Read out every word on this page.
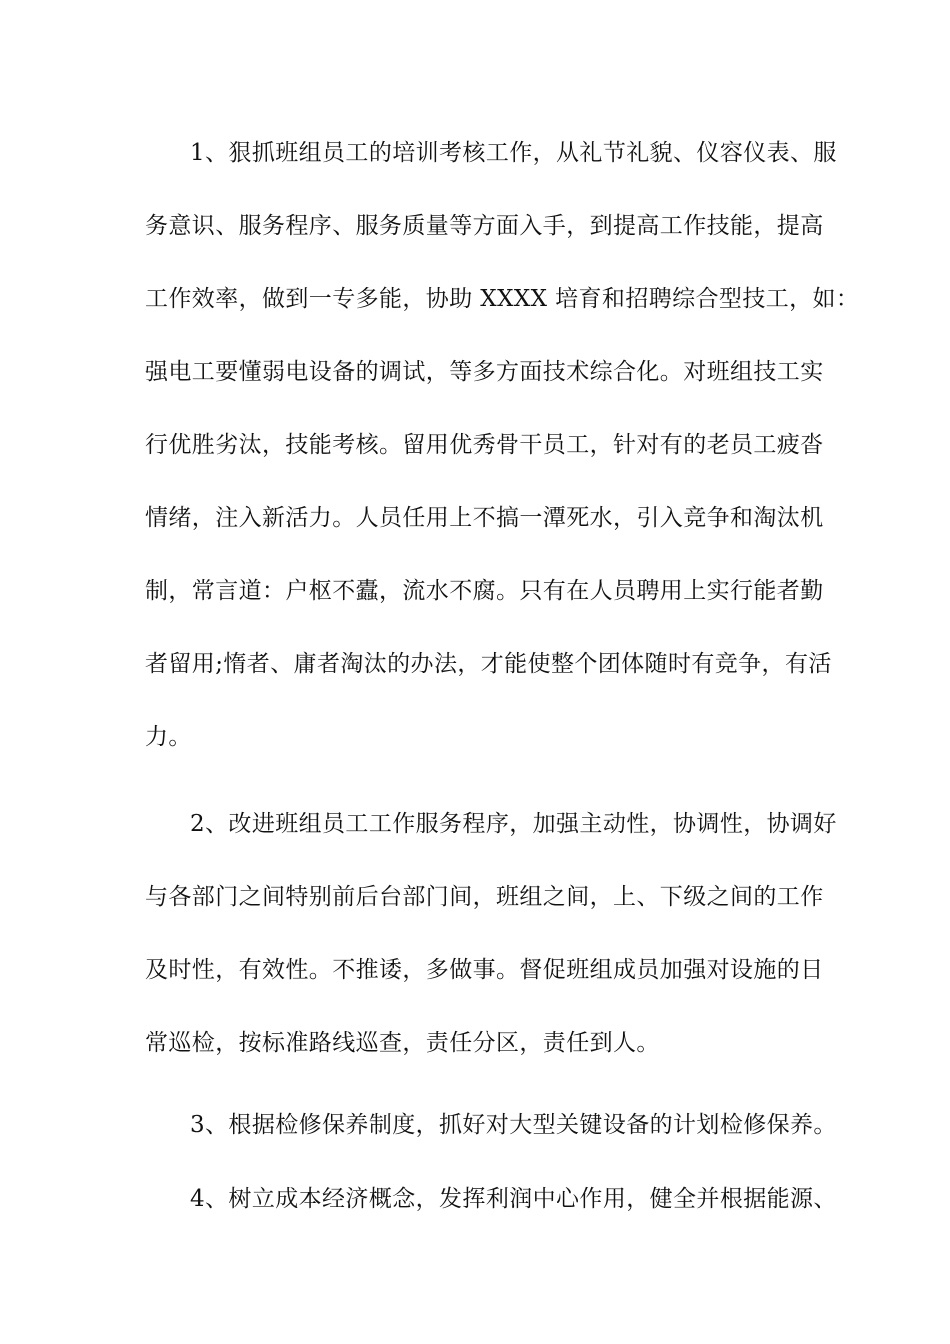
1、狠抓班组员工的培训考核工作，从礼节礼貌、仪容仪表、服
务意识、服务程序、服务质量等方面入手，到提高工作技能，提高
工作效率，做到一专多能，协助 XXXX 培育和招聘综合型技工，如：
强电工要懂弱电设备的调试，等多方面技术综合化。对班组技工实
行优胜劣汰，技能考核。留用优秀骨干员工，针对有的老员工疲沓
情绪，注入新活力。人员任用上不搞一潭死水，引入竞争和淘汰机
制，常言道：户枢不蠹，流水不腐。只有在人员聘用上实行能者勤
者留用;惰者、庸者淘汰的办法，才能使整个团体随时有竞争，有活
力。
2、改进班组员工工作服务程序，加强主动性，协调性，协调好
与各部门之间特别前后台部门间，班组之间，上、下级之间的工作
及时性，有效性。不推诿，多做事。督促班组成员加强对设施的日
常巡检，按标准路线巡查，责任分区，责任到人。
3、根据检修保养制度，抓好对大型关键设备的计划检修保养。
4、树立成本经济概念，发挥利润中心作用，健全并根据能源、
